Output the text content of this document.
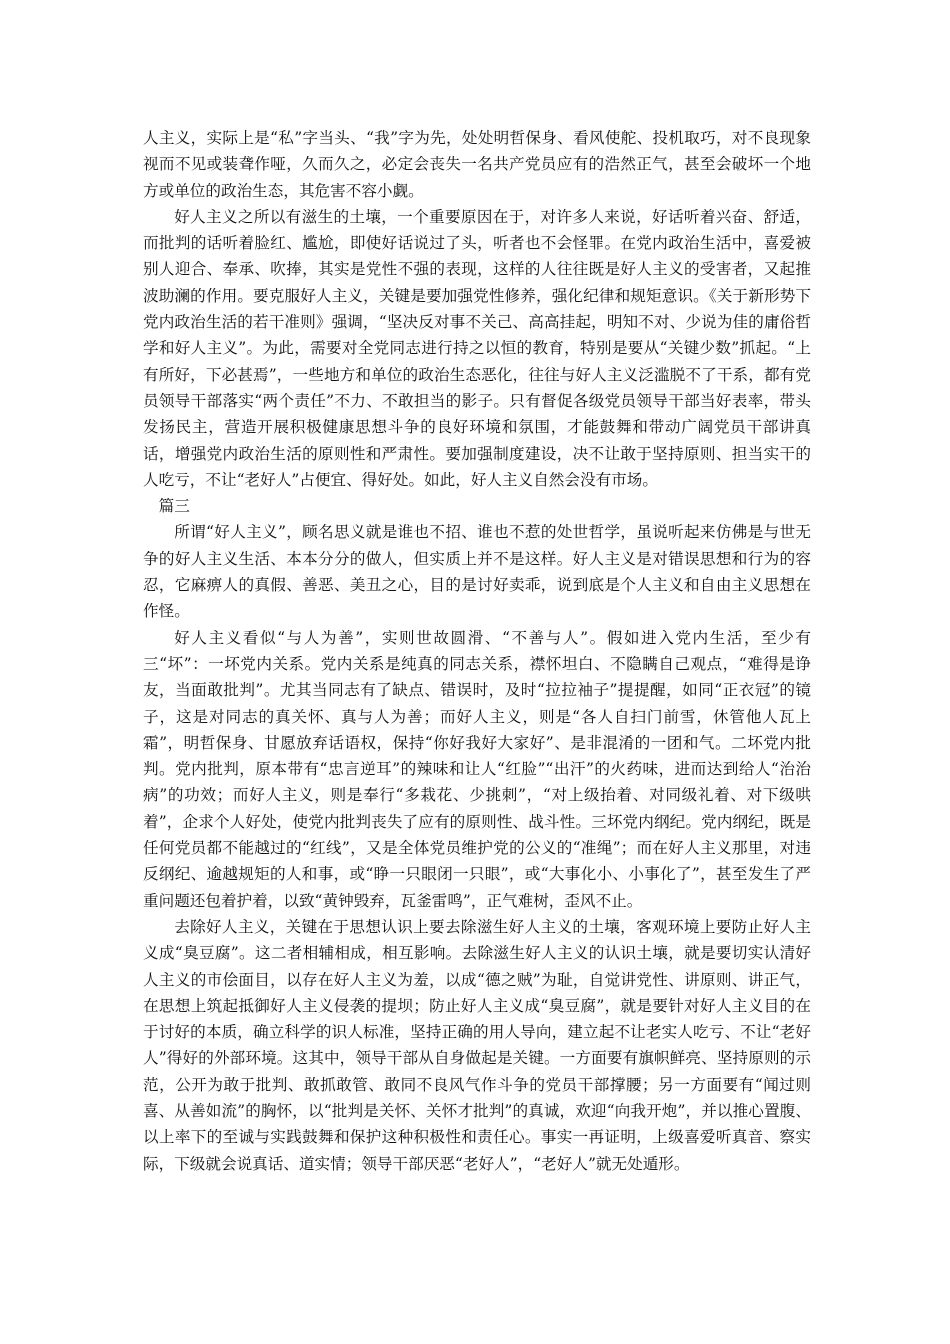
人主义，实际上是“私”字当头、“我”字为先，处处明哲保身、看风使舵、投机取巧，对不良现象视而不见或装聋作哑，久而久之，必定会丧失一名共产党员应有的浩然正气，甚至会破坏一个地方或单位的政治生态，其危害不容小觑。

好人主义之所以有滋生的土壤，一个重要原因在于，对许多人来说，好话听着兴奋、舒适，而批判的话听着脸红、尴尬，即使好话说过了头，听者也不会怪罪。在党内政治生活中，喜爱被别人迎合、奉承、吹捧，其实是党性不强的表现，这样的人往往既是好人主义的受害者，又起推波助澜的作用。要克服好人主义，关键是要加强党性修养，强化纪律和规矩意识。《关于新形势下党内政治生活的若干准则》强调，“坚决反对事不关己、高高挂起，明知不对、少说为佳的庸俗哲学和好人主义”。为此，需要对全党同志进行持之以恒的教育，特别是要从“关键少数”抓起。“上有所好，下必甚焉”，一些地方和单位的政治生态恶化，往往与好人主义泛滥脱不了干系，都有党员领导干部落实“两个责任”不力、不敢担当的影子。只有督促各级党员领导干部当好表率，带头发扬民主，营造开展积极健康思想斗争的良好环境和氛围，才能鼓舞和带动广阔党员干部讲真话，增强党内政治生活的原则性和严肃性。要加强制度建设，决不让敢于坚持原则、担当实干的人吃亏，不让“老好人”占便宜、得好处。如此，好人主义自然会没有市场。

篇三

所谓“好人主义”，顾名思义就是谁也不招、谁也不惹的处世哲学，虽说听起来仿佛是与世无争的好人主义生活、本本分分的做人，但实质上并不是这样。好人主义是对错误思想和行为的容忍，它麻痹人的真假、善恶、美丑之心，目的是讨好卖乖，说到底是个人主义和自由主义思想在作怪。

好人主义看似“与人为善”，实则世故圆滑、“不善与人”。假如进入党内生活，至少有三“坏”：一坏党内关系。党内关系是纯真的同志关系，襟怀坦白、不隐瞒自己观点，“难得是诤友，当面敢批判”。尤其当同志有了缺点、错误时，及时“拉拉袖子”提提醒，如同“正衣冠”的镜子，这是对同志的真关怀、真与人为善；而好人主义，则是“各人自扫门前雪，休管他人瓦上霜”，明哲保身、甘愿放弃话语权，保持“你好我好大家好”、是非混淆的一团和气。二坏党内批判。党内批判，原本带有“忠言逆耳”的辣味和让人“红脸”“出汗”的火药味，进而达到给人“治治病”的功效；而好人主义，则是奉行“多栽花、少挑刺”，“对上级抬着、对同级礼着、对下级哄着”，企求个人好处，使党内批判丧失了应有的原则性、战斗性。三坏党内纲纪。党内纲纪，既是任何党员都不能越过的“红线”，又是全体党员维护党的公义的“准绳”；而在好人主义那里，对违反纲纪、逾越规矩的人和事，或“睁一只眼闭一只眼”，或“大事化小、小事化了”，甚至发生了严重问题还包着护着，以致“黄钟毁弃，瓦釜雷鸣”，正气难树，歪风不止。

去除好人主义，关键在于思想认识上要去除滋生好人主义的土壤，客观环境上要防止好人主义成“臭豆腐”。这二者相辅相成，相互影响。去除滋生好人主义的认识土壤，就是要切实认清好人主义的市侩面目，以存在好人主义为羞，以成“德之贼”为耻，自觉讲党性、讲原则、讲正气，在思想上筑起抵御好人主义侵袭的提坝；防止好人主义成“臭豆腐”，就是要针对好人主义目的在于讨好的本质，确立科学的识人标准，坚持正确的用人导向，建立起不让老实人吃亏、不让“老好人”得好的外部环境。这其中，领导干部从自身做起是关键。一方面要有旗帜鲜亮、坚持原则的示范，公开为敢于批判、敢抓敢管、敢同不良风气作斗争的党员干部撑腰；另一方面要有“闻过则喜、从善如流”的胸怀，以“批判是关怀、关怀才批判”的真诚，欢迎“向我开炮”，并以推心置腹、以上率下的至诚与实践鼓舞和保护这种积极性和责任心。事实一再证明，上级喜爱听真音、察实际，下级就会说真话、道实情；领导干部厌恶“老好人”，“老好人”就无处遁形。
